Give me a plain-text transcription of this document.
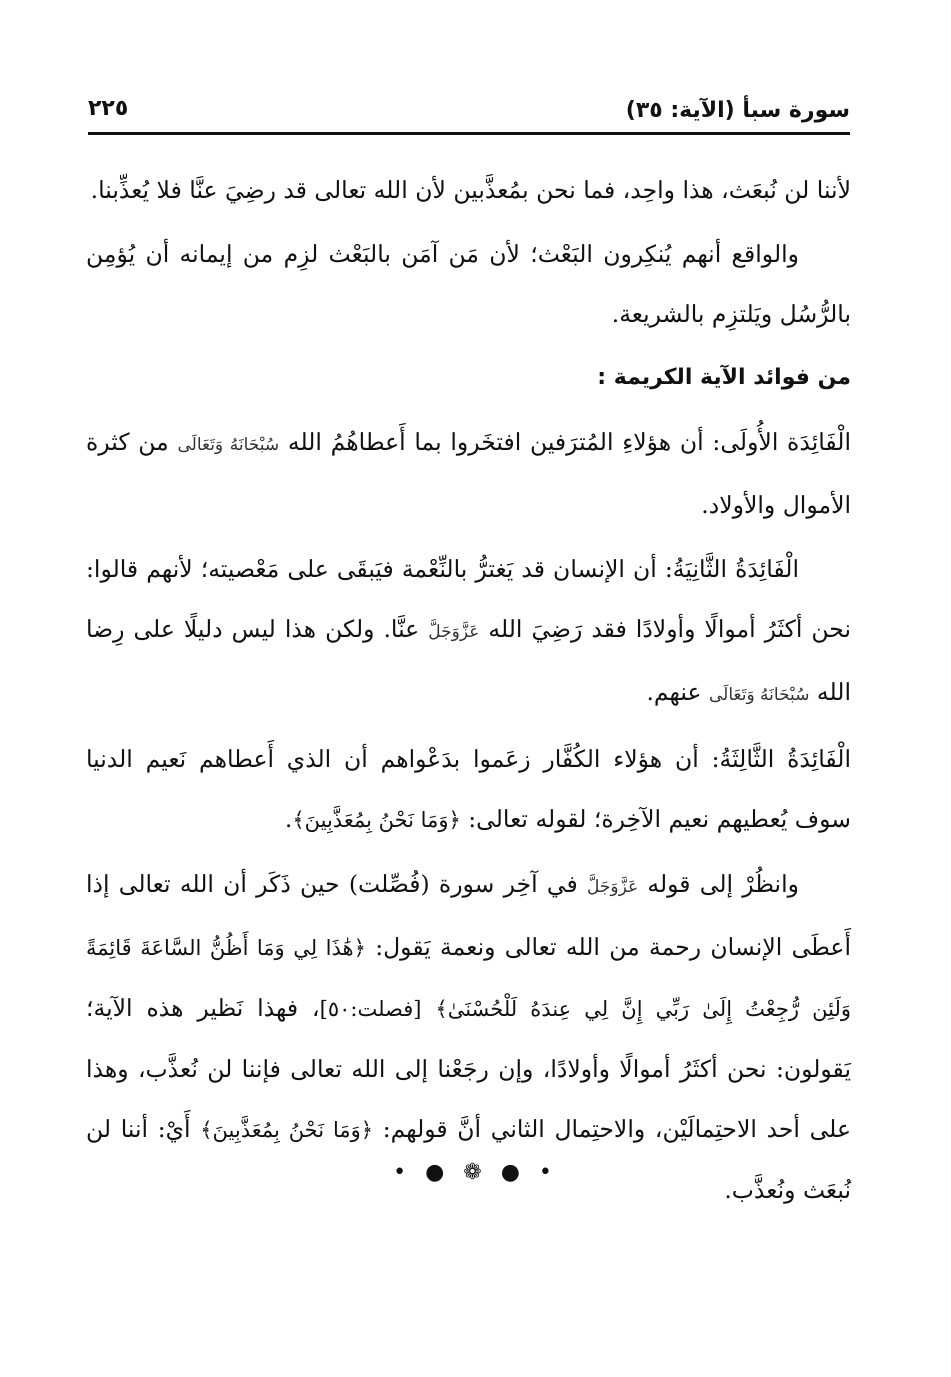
سورة سبأ (الآية: ٣٥)
٢٢٥

لأننا لن نُبعَث، هذا واحِد، فما نحن بمُعذَّبين لأن الله تعالى قد رضِيَ عنَّا فلا يُعذِّبنا.

والواقع أنهم يُنكِرون البَعْث؛ لأن مَن آمَن بالبَعْث لزِم من إيمانه أن يُؤمِن بالرُّسُل ويَلتزِم بالشريعة.

من فوائد الآية الكريمة :

الْفَائِدَة الأُولَى: أن هؤلاءِ المُترَفين افتخَروا بما أَعطاهُمُ الله سُبْحَانَهُ وَتَعَالَى من كثرة الأموال والأولاد.

الْفَائِدَةُ الثَّانِيَةُ: أن الإنسان قد يَغترُّ بالنِّعْمة فيَبقَى على مَعْصيته؛ لأنهم قالوا: نحن أكثَرُ أموالًا وأولادًا فقد رَضِيَ الله عَزَّوَجَلَّ عنَّا. ولكن هذا ليس دليلًا على رِضا الله سُبْحَانَهُ وَتَعَالَى عنهم.

الْفَائِدَةُ الثَّالِثَةُ: أن هؤلاء الكُفَّار زعَموا بدَعْواهم أن الذي أَعطاهم نَعيم الدنيا سوف يُعطيهم نعيم الآخِرة؛ لقوله تعالى: ﴿وَمَا نَحْنُ بِمُعَذَّبِينَ﴾.

وانظُرْ إلى قوله عَزَّوَجَلَّ في آخِر سورة (فُصِّلت) حين ذَكَر أن الله تعالى إذا أَعطَى الإنسان رحمة من الله تعالى ونعمة يَقول: ﴿هَٰذَا لِي وَمَا أَظُنُّ السَّاعَةَ قَائِمَةً وَلَئِن رُّجِعْتُ إِلَىٰ رَبِّي إِنَّ لِي عِندَهُ لَلْحُسْنَىٰ﴾ [فصلت:٥٠]، فهذا نَظير هذه الآية؛ يَقولون: نحن أكثَرُ أموالًا وأولادًا، وإن رجَعْنا إلى الله تعالى فإننا لن نُعذَّب، وهذا على أحد الاحتِمالَيْن، والاحتِمال الثاني أنَّ قولهم: ﴿وَمَا نَحْنُ بِمُعَذَّبِينَ﴾ أَيْ: أننا لن نُبعَث ونُعذَّب.

• ● ❁ ● •
